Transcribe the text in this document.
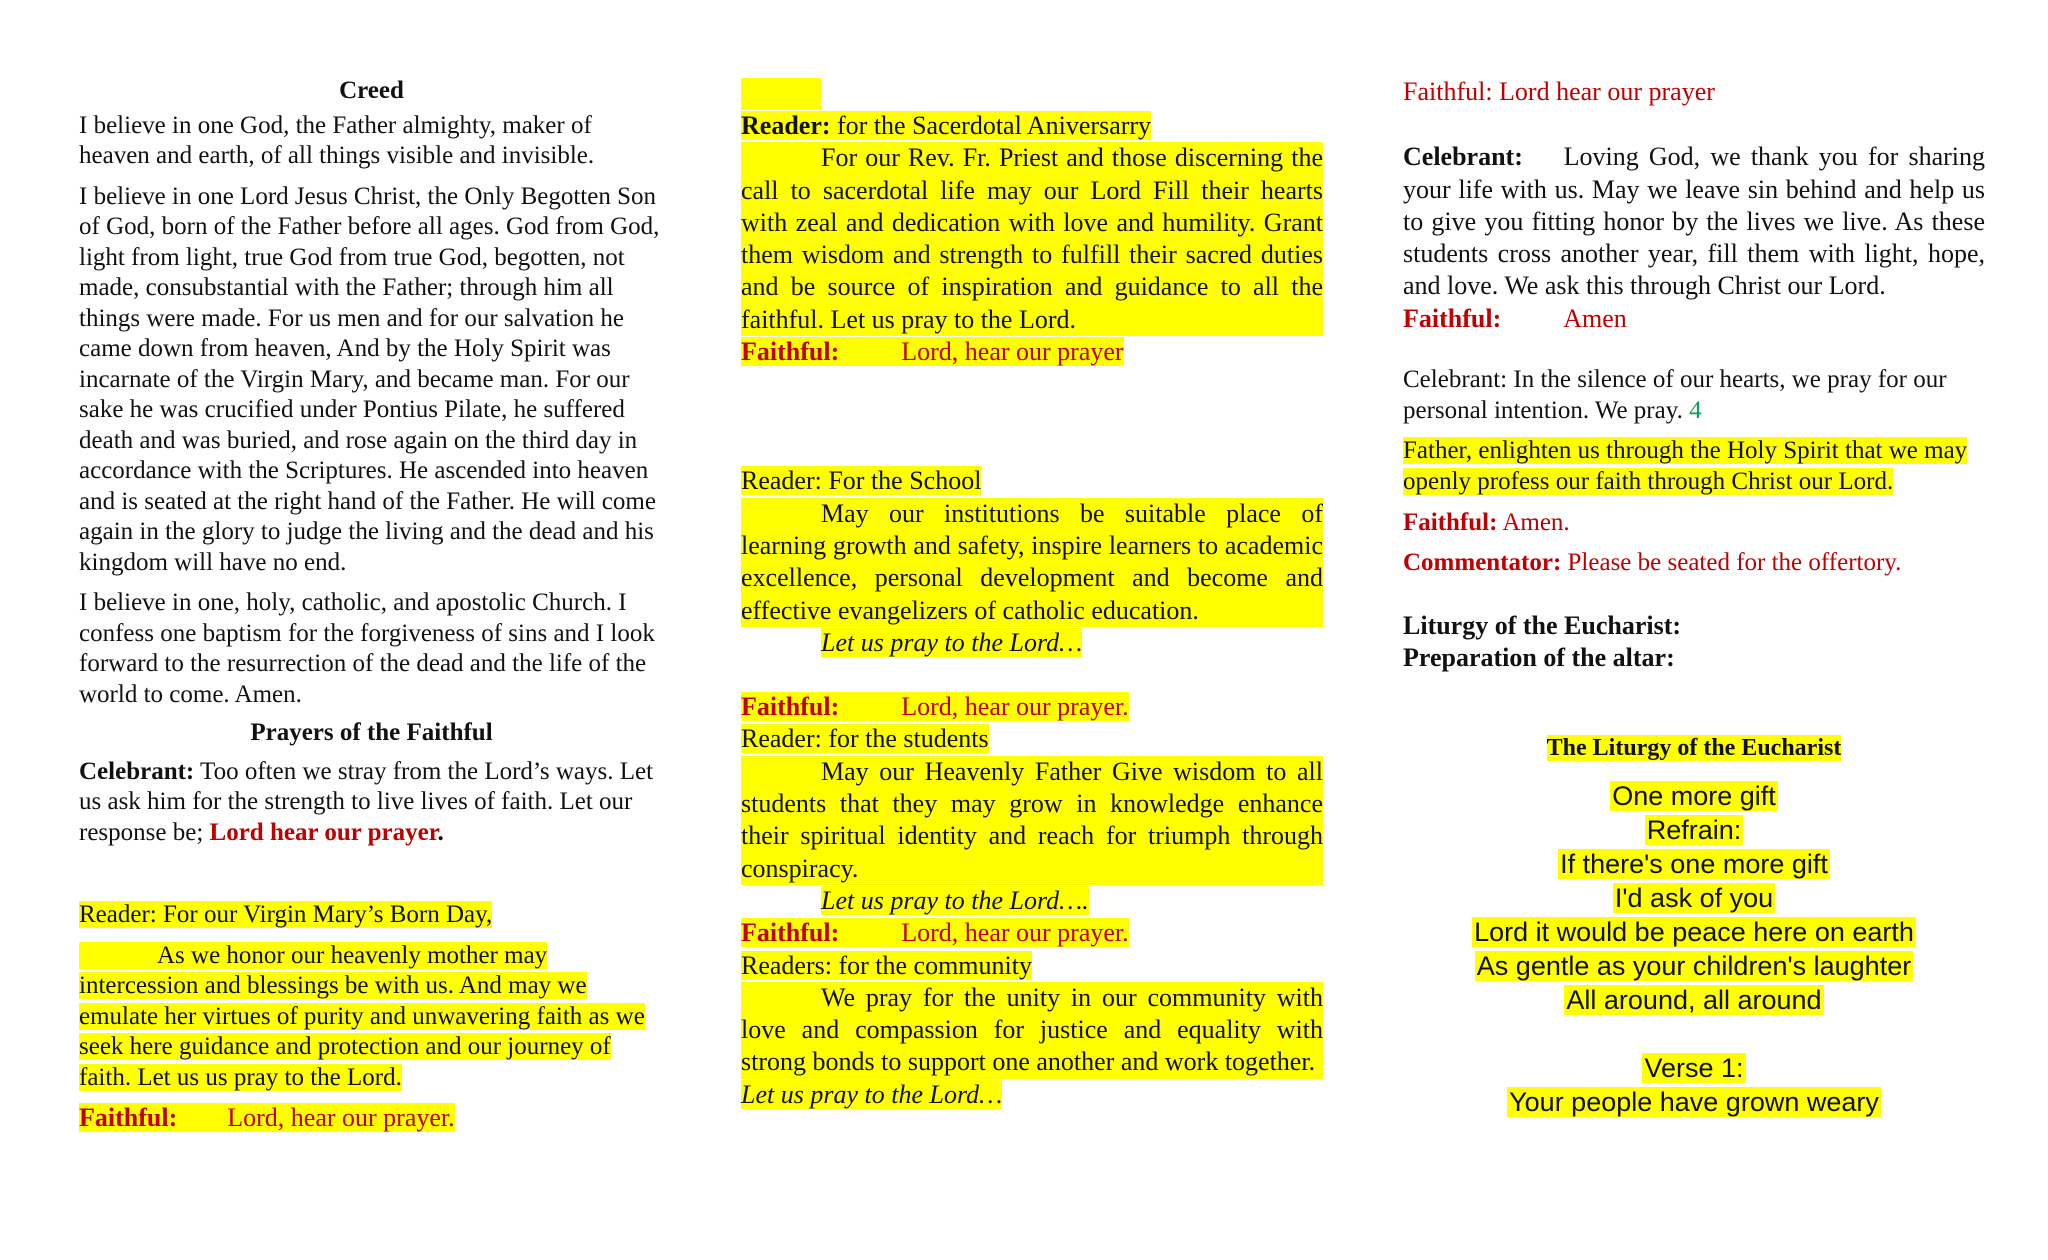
Creed

I believe in one God, the Father almighty, maker of heaven and earth, of all things visible and invisible.

I believe in one Lord Jesus Christ, the Only Begotten Son of God, born of the Father before all ages. God from God, light from light, true God from true God, begotten, not made, consubstantial with the Father; through him all things were made. For us men and for our salvation he came down from heaven, And by the Holy Spirit was incarnate of the Virgin Mary, and became man. For our sake he was crucified under Pontius Pilate, he suffered death and was buried, and rose again on the third day in accordance with the Scriptures. He ascended into heaven and is seated at the right hand of the Father. He will come again in the glory to judge the living and the dead and his kingdom will have no end.

I believe in one, holy, catholic, and apostolic Church. I confess one baptism for the forgiveness of sins and I look forward to the resurrection of the dead and the life of the world to come. Amen.

Prayers of the Faithful

Celebrant: Too often we stray from the Lord’s ways. Let us ask him for the strength to live lives of faith. Let our response be; Lord hear our prayer.

Reader: For our Virgin Mary’s Born Day,

As we honor our heavenly mother may intercession and blessings be with us. And may we emulate her virtues of purity and unwavering faith as we seek here guidance and protection and our journey of faith. Let us us pray to the Lord.

Faithful: Lord, hear our prayer.

Reader: for the Sacerdotal Aniversarry

For our Rev. Fr. Priest and those discerning the call to sacerdotal life may our Lord Fill their hearts with zeal and dedication with love and humility. Grant them wisdom and strength to fulfill their sacred duties and be source of inspiration and guidance to all the faithful. Let us pray to the Lord.

Faithful: Lord, hear our prayer

Reader: For the School

May our institutions be suitable place of learning growth and safety, inspire learners to academic excellence, personal development and become and effective evangelizers of catholic education.

Let us pray to the Lord…

Faithful: Lord, hear our prayer.

Reader: for the students

May our Heavenly Father Give wisdom to all students that they may grow in knowledge enhance their spiritual identity and reach for triumph through conspiracy.

Let us pray to the Lord….

Faithful: Lord, hear our prayer.

Readers: for the community

We pray for the unity in our community with love and compassion for justice and equality with strong bonds to support one another and work together.

Let us pray to the Lord…

Faithful: Lord hear our prayer

Celebrant: Loving God, we thank you for sharing your life with us. May we leave sin behind and help us to give you fitting honor by the lives we live. As these students cross another year, fill them with light, hope, and love. We ask this through Christ our Lord.

Faithful: Amen

Celebrant: In the silence of our hearts, we pray for our personal intention. We pray. 4

Father, enlighten us through the Holy Spirit that we may openly profess our faith through Christ our Lord.

Faithful: Amen.

Commentator: Please be seated for the offertory.

Liturgy of the Eucharist:

Preparation of the altar:

The Liturgy of the Eucharist

One more gift
Refrain:
If there's one more gift
I'd ask of you
Lord it would be peace here on earth
As gentle as your children's laughter
All around, all around
Verse 1:
Your people have grown weary
